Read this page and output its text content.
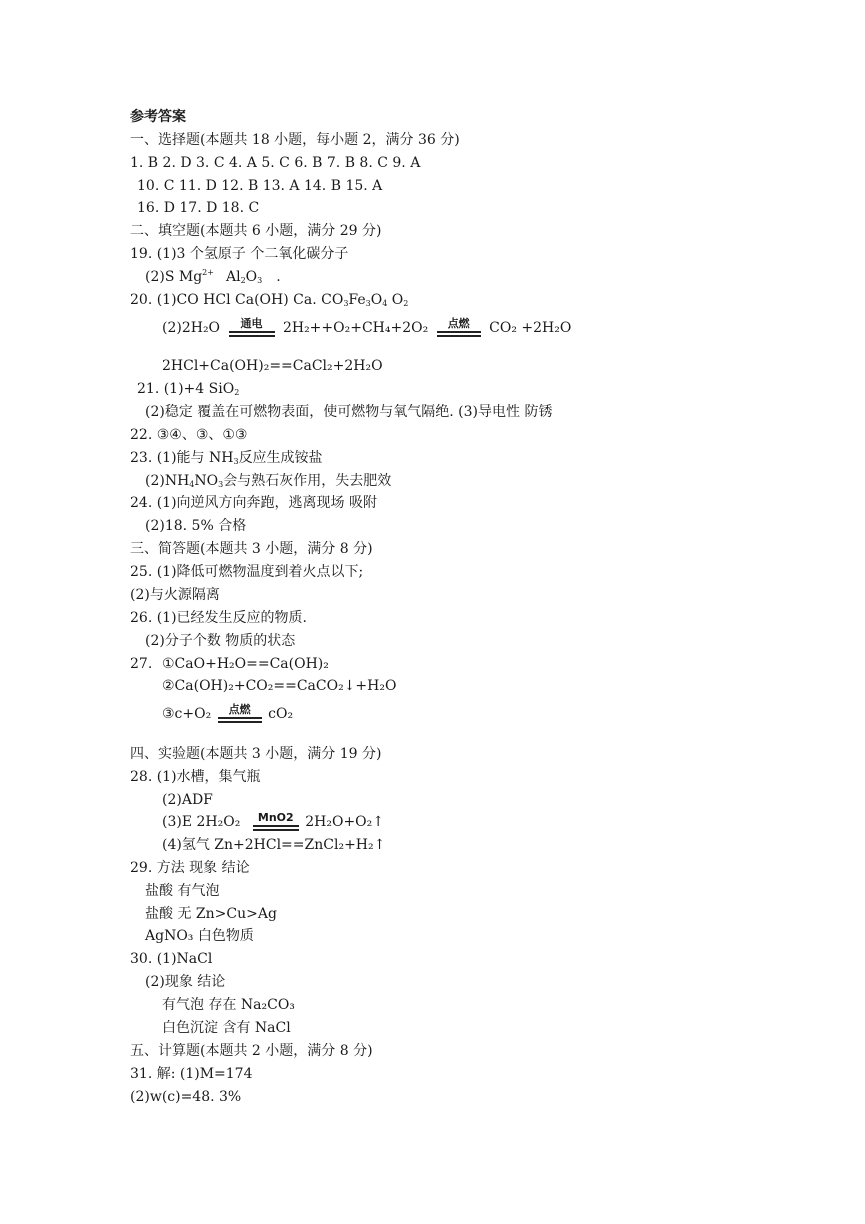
参考答案
一、选择题(本题共 18 小题，每小题 2，满分 36 分)
1. B 2. D 3. C 4. A 5. C 6. B 7. B 8. C 9. A
10. C 11. D 12. B 13. A 14. B 15. A
16. D 17. D 18. C
二、填空题(本题共 6 小题，满分 29 分)
19. (1)3 个氢原子 个二氧化碳分子
(2)S $Mg^{2+}$ $Al_2O_3$ .
20. (1)CO HCl Ca(OH) Ca. $CO_3Fe_3O_4$ $O_2$
(2)2H₂O	通电	2H₂++O₂+CH₄+2O₂	点燃	CO₂ +2H₂O
2HCl+Ca(OH)₂==CaCl₂+2H₂O
21. (1)+4 SiO$_2$
(2)稳定 覆盖在可燃物表面，使可燃物与氧气隔绝. (3)导电性 防锈
22. ③④、③、①③
23. (1)能与 $NH_3$反应生成铵盐
$(2)NH_4NO_3$会与熟石灰作用，失去肥效
24. (1)向逆风方向奔跑，逃离现场 吸附
(2)18. 5% 合格
三、简答题(本题共 3 小题，满分 8 分)
25. (1)降低可燃物温度到着火点以下;
(2)与火源隔离
26. (1)已经发生反应的物质.
(2)分子个数 物质的状态
27. ①CaO+H₂O==Ca(OH)₂
②Ca(OH)₂+CO₂==CaCO₂↓+H₂O
③c+O₂	点燃	cO₂
四、实验题(本题共 3 小题，满分 19 分)
28. (1)水槽，集气瓶
(2)ADF
(3)E 2H₂O₂	MnO2 2H₂O+O₂↑
(4)氢气 Zn+2HCl==ZnCl₂+H₂↑
29. 方法 现象 结论
盐酸 有气泡
盐酸 无 Zn>Cu>Ag
AgNO₃ 白色物质
30. (1)NaCl
(2)现象 结论
有气泡 存在 Na₂CO₃
白色沉淀 含有 NaCl
五、计算题(本题共 2 小题，满分 8 分)
31. 解: (1)M=174
(2)w(c)=48. 3%
